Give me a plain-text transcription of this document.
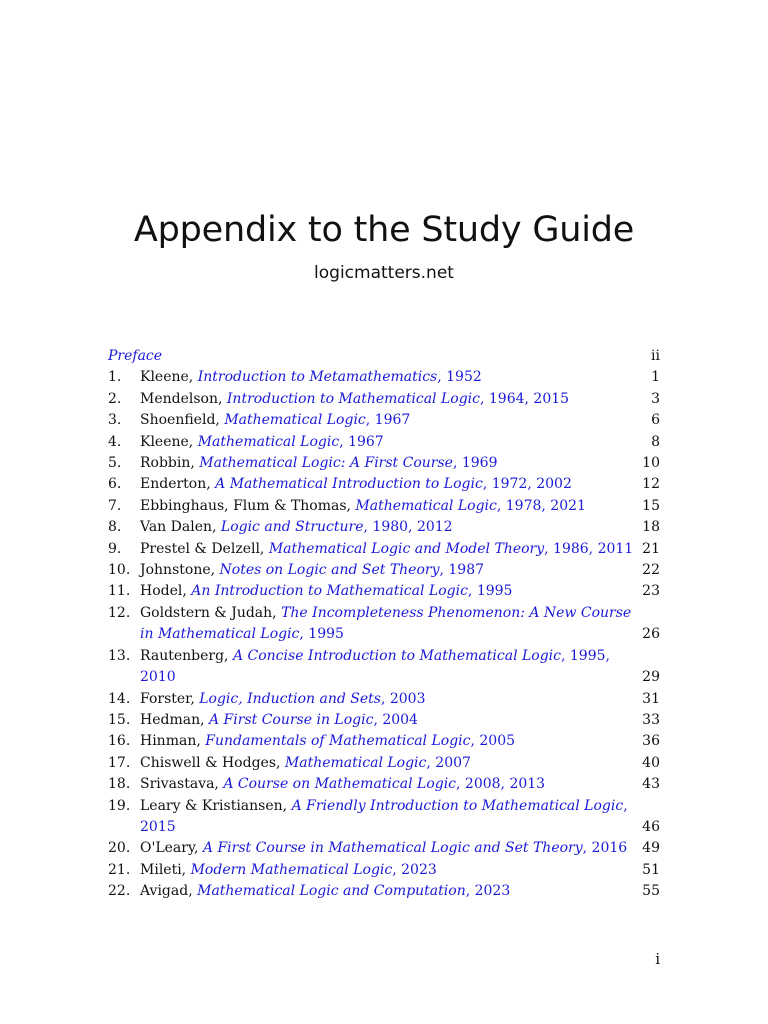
Appendix to the Study Guide
logicmatters.net
Preface	ii
1.	Kleene, Introduction to Metamathematics, 1952	1
2.	Mendelson, Introduction to Mathematical Logic, 1964, 2015	3
3.	Shoenfield, Mathematical Logic, 1967	6
4.	Kleene, Mathematical Logic, 1967	8
5.	Robbin, Mathematical Logic: A First Course, 1969	10
6.	Enderton, A Mathematical Introduction to Logic, 1972, 2002	12
7.	Ebbinghaus, Flum & Thomas, Mathematical Logic, 1978, 2021	15
8.	Van Dalen, Logic and Structure, 1980, 2012	18
9.	Prestel & Delzell, Mathematical Logic and Model Theory, 1986, 2011 21
10. Johnstone, Notes on Logic and Set Theory, 1987	22
11. Hodel, An Introduction to Mathematical Logic, 1995	23
12. Goldstern & Judah, The Incompleteness Phenomenon: A New Course
in Mathematical Logic, 1995	26
13. Rautenberg, A Concise Introduction to Mathematical Logic, 1995, 2010	29
14. Forster, Logic, Induction and Sets, 2003	31
15. Hedman, A First Course in Logic, 2004	33
16. Hinman, Fundamentals of Mathematical Logic, 2005	36
17. Chiswell & Hodges, Mathematical Logic, 2007	40
18. Srivastava, A Course on Mathematical Logic, 2008, 2013	43
19. Leary & Kristiansen, A Friendly Introduction to Mathematical Logic,
2015	46
20. O'Leary, A First Course in Mathematical Logic and Set Theory, 2016 49
21. Mileti, Modern Mathematical Logic, 2023	51
22. Avigad, Mathematical Logic and Computation, 2023	55
i
